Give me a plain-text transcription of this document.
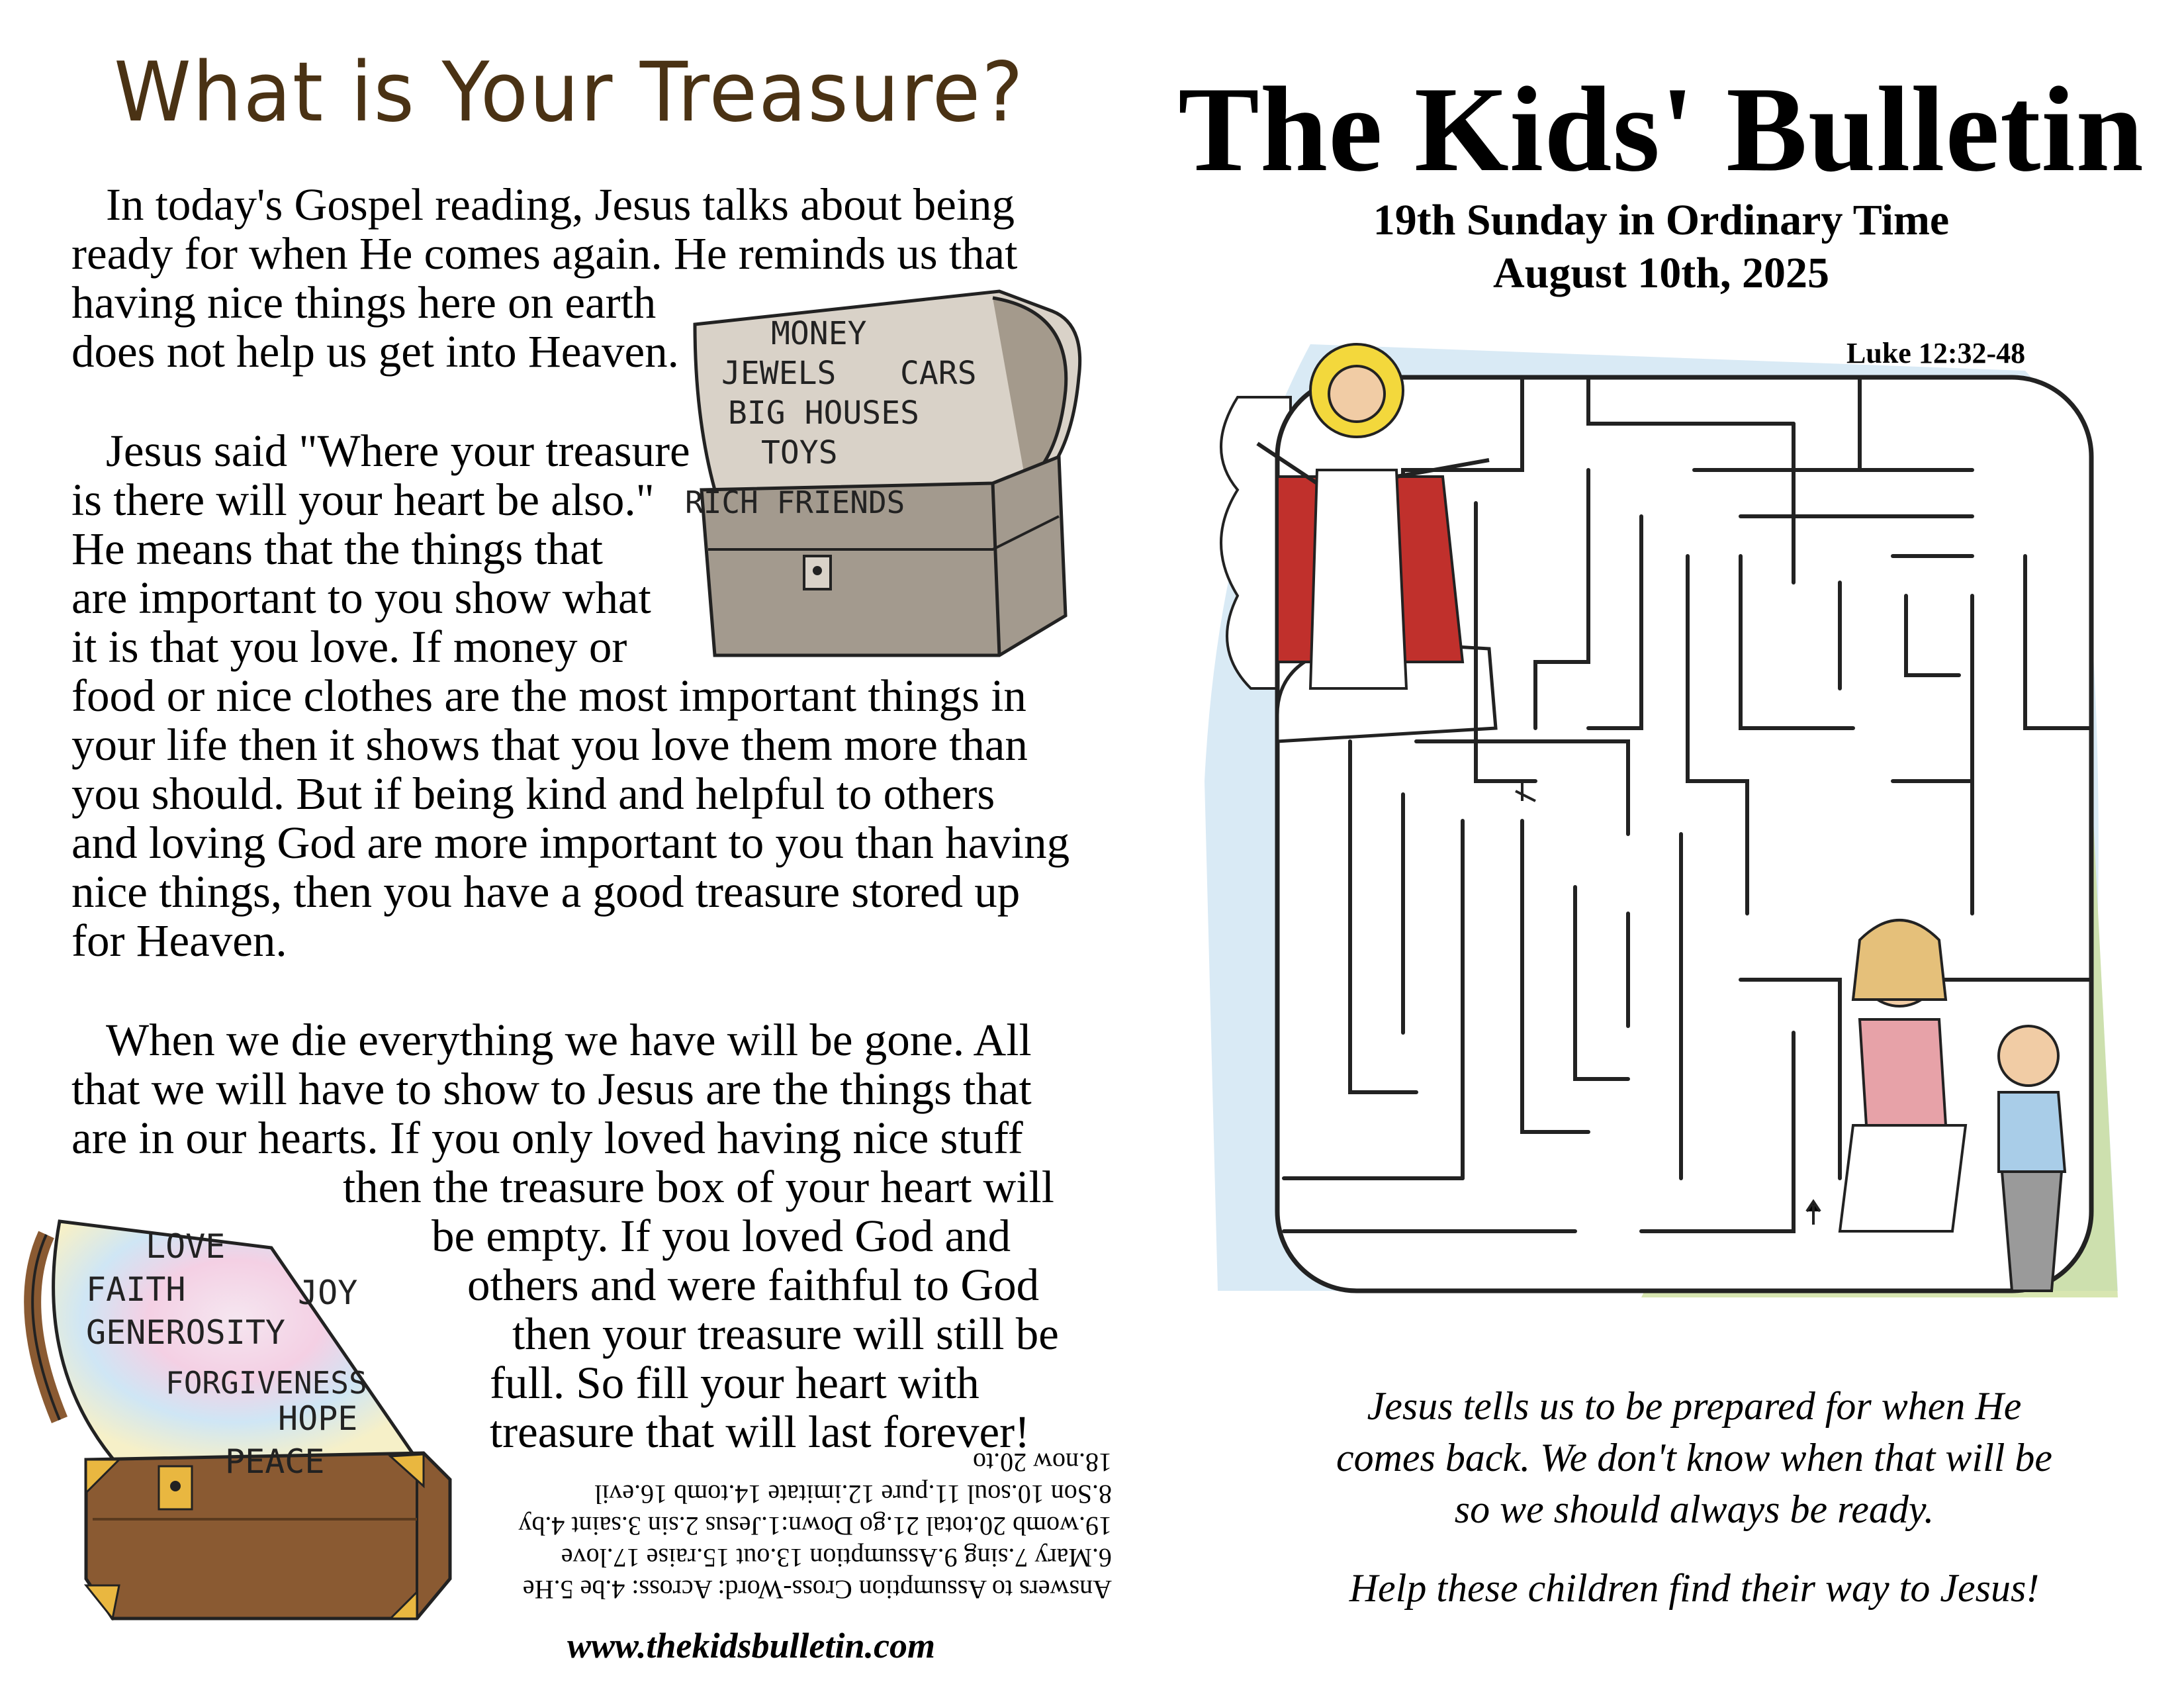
What is Your Treasure?
In today's Gospel reading, Jesus talks about being
ready for when He comes again. He reminds us that
having nice things here on earth
does not help us get into Heaven.
Jesus said "Where your treasure
is there will your heart be also."
He means that the things that
are important to you show what
it is that you love. If money or
food or nice clothes are the most important things in
your life then it shows that you love them more than
you should. But if being kind and helpful to others
and loving God are more important to you than having
nice things, then you have a good treasure stored up
for Heaven.
When we die everything we have will be gone. All
that we will have to show to Jesus are the things that
are in our hearts. If you only loved having nice stuff
then the treasure box of your heart will
be empty. If you loved God and
others and were faithful to God
then your treasure will still be
full. So fill your heart with
treasure that will last forever!
MONEY
JEWELS CARS
BIG HOUSES
TOYS
RICH FRIENDS
LOVE
FAITH	JOY
GENEROSITY
FORGIVENESS
HOPE
PEACE
Answers to Assumption Cross-Word: Across: 4.be 5.He
6.Mary 7.sing 9.Assumption 13.out 15.raise 17.love
19.womb 20.total 21.go Down:1.Jesus 2.sin 3.saint 4.by
8.Son 10.soul 11.pure 12.imitate 14.tomb 16.evil
18.now 20.to
www.thekidsbulletin.com
The Kids' Bulletin
19th Sunday in Ordinary Time
August 10th, 2025
Luke 12:32-48
Jesus tells us to be prepared for when He
comes back. We don't know when that will be
so we should always be ready.
Help these children find their way to Jesus!
